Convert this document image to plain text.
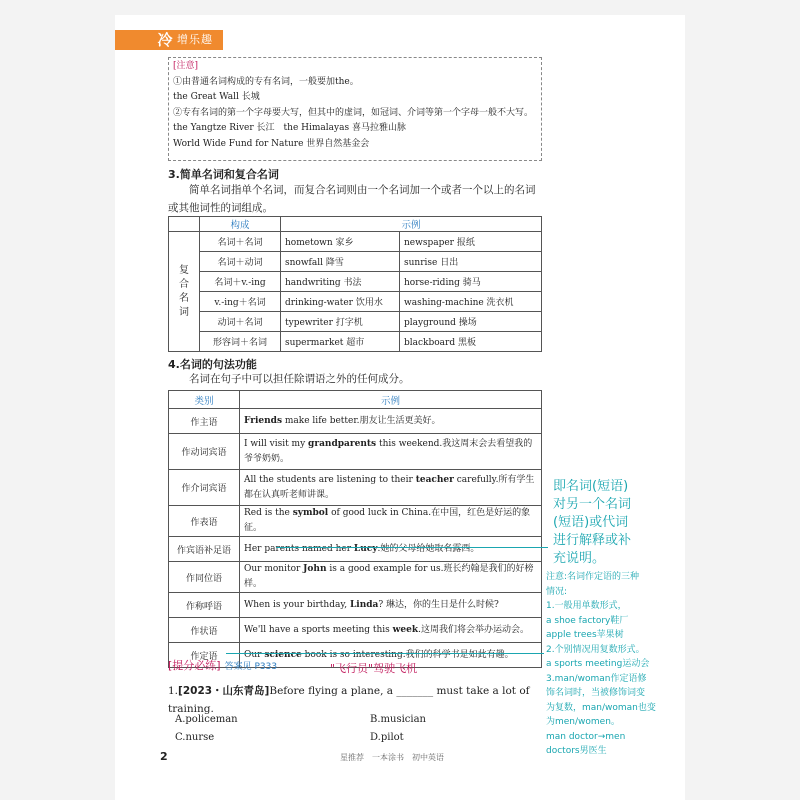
冷 增乐趣
[注意]
①由普通名词构成的专有名词，一般要加the。
the Great Wall 长城
②专有名词的第一个字母要大写，但其中的虚词，如冠词、介词等第一个字母一般不大写。
the Yangtze River 长江　the Himalayas 喜马拉雅山脉
World Wide Fund for Nature 世界自然基金会
3.简单名词和复合名词
简单名词指单个名词，而复合名词则由一个名词加一个或者一个以上的名词或其他词性的词组成。
	构成	示例	
复合名词	名词＋名词	hometown 家乡	newspaper 报纸
	名词＋动词	snowfall 降雪	sunrise 日出
	名词＋v.-ing	handwriting 书法	horse-riding 骑马
	v.-ing＋名词	drinking-water 饮用水	washing-machine 洗衣机
	动词＋名词	typewriter 打字机	playground 操场
	形容词＋名词	supermarket 超市	blackboard 黑板
4.名词的句法功能
名词在句子中可以担任除谓语之外的任何成分。
类别	示例
作主语	Friends make life better.朋友让生活更美好。
作动词宾语	I will visit my grandparents this weekend.我这周末会去看望我的爷爷奶奶。
作介词宾语	All the students are listening to their teacher carefully.所有学生都在认真听老师讲课。
作表语	Red is the symbol of good luck in China.在中国，红色是好运的象征。
作宾语补足语	Her parents named her Lucy.她的父母给她取名露西。
作同位语	Our monitor John is a good example for us.班长约翰是我们的好榜样。
作称呼语	When is your birthday, Linda? 琳达，你的生日是什么时候?
作状语	We'll have a sports meeting this week.这周我们将会举办运动会。
作定语	Our science book is so interesting.我们的科学书是如此有趣。
[提分必练] 答案见 P333	"飞行员"驾驶飞机
1.[2023・山东青岛]Before flying a plane, a _______ must take a lot of training.
A.policeman	B.musician
C.nurse	D.pilot
即名词(短语)
对另一个名词
(短语)或代词
进行解释或补
充说明。
注意:名词作定语的三种
情况:
1.一般用单数形式，
a shoe factory鞋厂
apple trees苹果树
2.个别情况用复数形式。
a sports meeting运动会
3.man/woman作定语修
饰名词时，当被修饰词变
为复数，man/woman也变
为men/women。
man doctor→men
doctors男医生
2	星推荐　一本涂书　初中英语
